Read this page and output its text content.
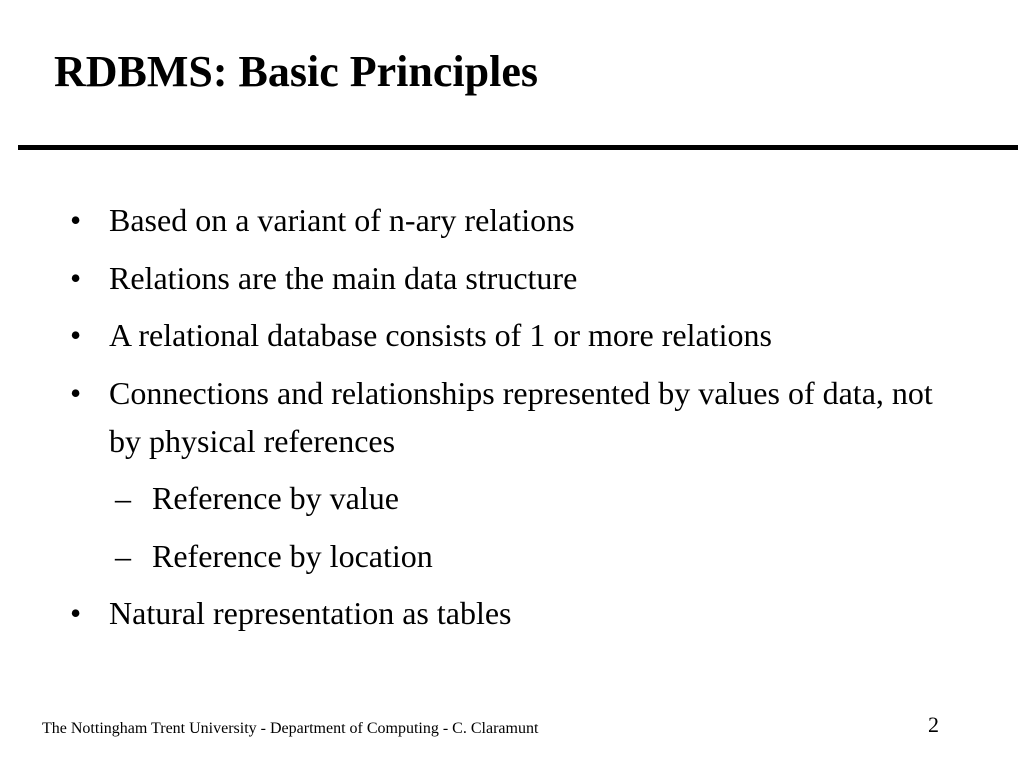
RDBMS: Basic Principles
• Based on a variant of n-ary relations
• Relations are the main data structure
• A relational database consists of 1 or more relations
• Connections and relationships represented by values of data, not by physical references
– Reference by value
– Reference by location
• Natural representation as tables
The Nottingham Trent University - Department of Computing - C. Claramunt	2
